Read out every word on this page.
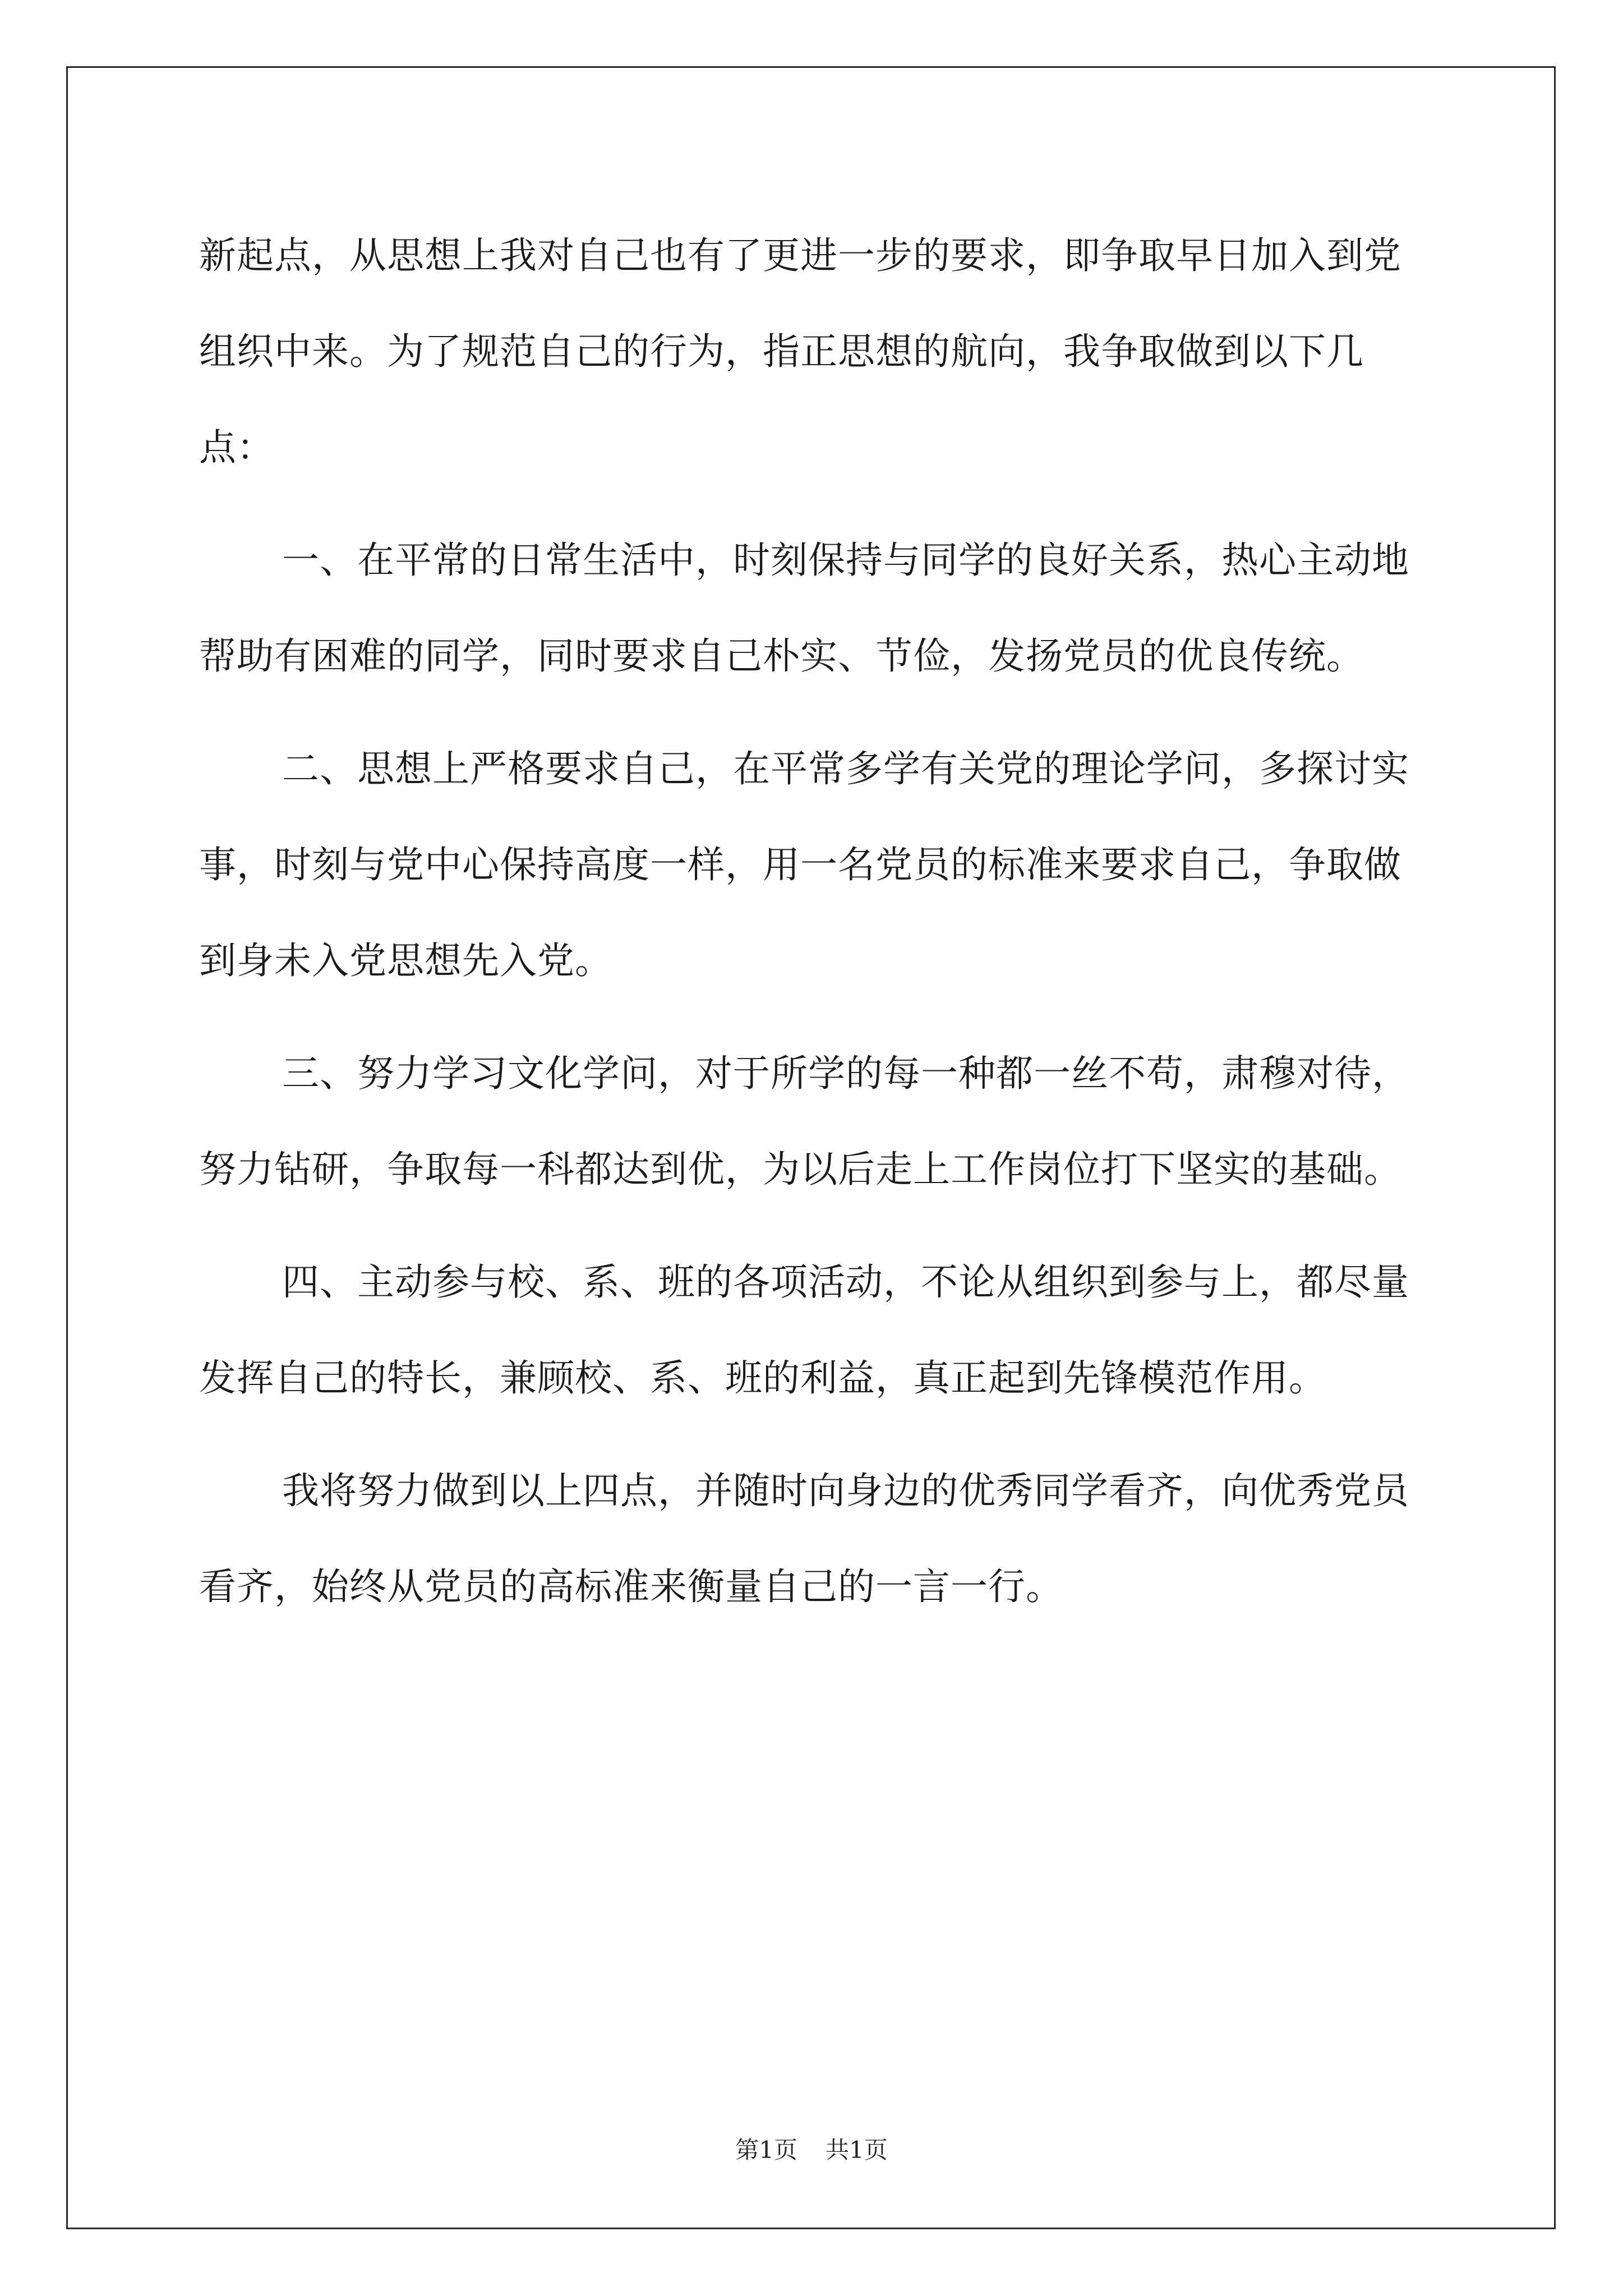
新起点，从思想上我对自己也有了更进一步的要求，即争取早日加入到党组织中来。为了规范自己的行为，指正思想的航向，我争取做到以下几点：

一、在平常的日常生活中，时刻保持与同学的良好关系，热心主动地帮助有困难的同学，同时要求自己朴实、节俭，发扬党员的优良传统。

二、思想上严格要求自己，在平常多学有关党的理论学问，多探讨实事，时刻与党中心保持高度一样，用一名党员的标准来要求自己，争取做到身未入党思想先入党。

三、努力学习文化学问，对于所学的每一种都一丝不苟，肃穆对待，努力钻研，争取每一科都达到优，为以后走上工作岗位打下坚实的基础。

四、主动参与校、系、班的各项活动，不论从组织到参与上，都尽量发挥自己的特长，兼顾校、系、班的利益，真正起到先锋模范作用。

我将努力做到以上四点，并随时向身边的优秀同学看齐，向优秀党员看齐，始终从党员的高标准来衡量自己的一言一行。

第1页 共1页
